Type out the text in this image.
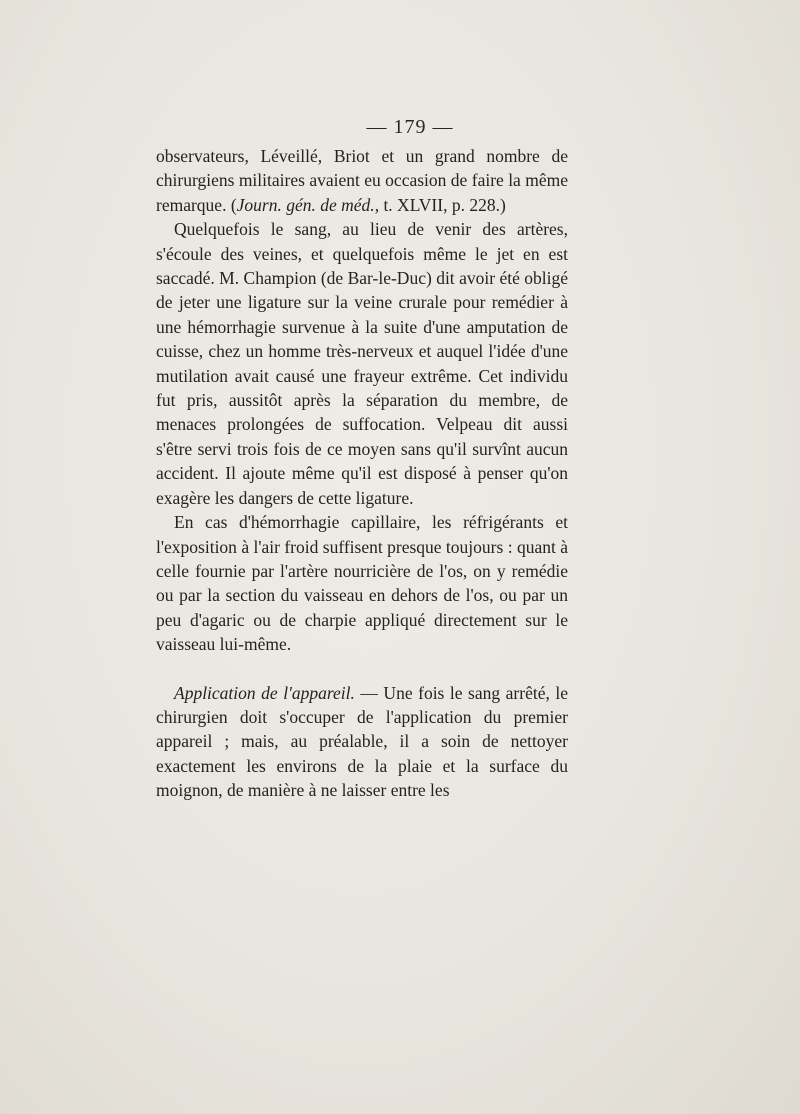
— 179 —

observateurs, Léveillé, Briot et un grand nombre de chirurgiens militaires avaient eu occasion de faire la même remarque. (Journ. gén. de méd., t. XLVII, p. 228.)

Quelquefois le sang, au lieu de venir des artères, s'écoule des veines, et quelquefois même le jet en est saccadé. M. Champion (de Bar-le-Duc) dit avoir été obligé de jeter une ligature sur la veine crurale pour remédier à une hémorrhagie survenue à la suite d'une amputation de cuisse, chez un homme très-nerveux et auquel l'idée d'une mutilation avait causé une frayeur extrême. Cet individu fut pris, aussitôt après la séparation du membre, de menaces prolongées de suffocation. Velpeau dit aussi s'être servi trois fois de ce moyen sans qu'il survînt aucun accident. Il ajoute même qu'il est disposé à penser qu'on exagère les dangers de cette ligature.

En cas d'hémorrhagie capillaire, les réfrigérants et l'exposition à l'air froid suffisent presque toujours : quant à celle fournie par l'artère nourricière de l'os, on y remédie ou par la section du vaisseau en dehors de l'os, ou par un peu d'agaric ou de charpie appliqué directement sur le vaisseau lui-même.

Application de l'appareil. — Une fois le sang arrêté, le chirurgien doit s'occuper de l'application du premier appareil ; mais, au préalable, il a soin de nettoyer exactement les environs de la plaie et la surface du moignon, de manière à ne laisser entre les
